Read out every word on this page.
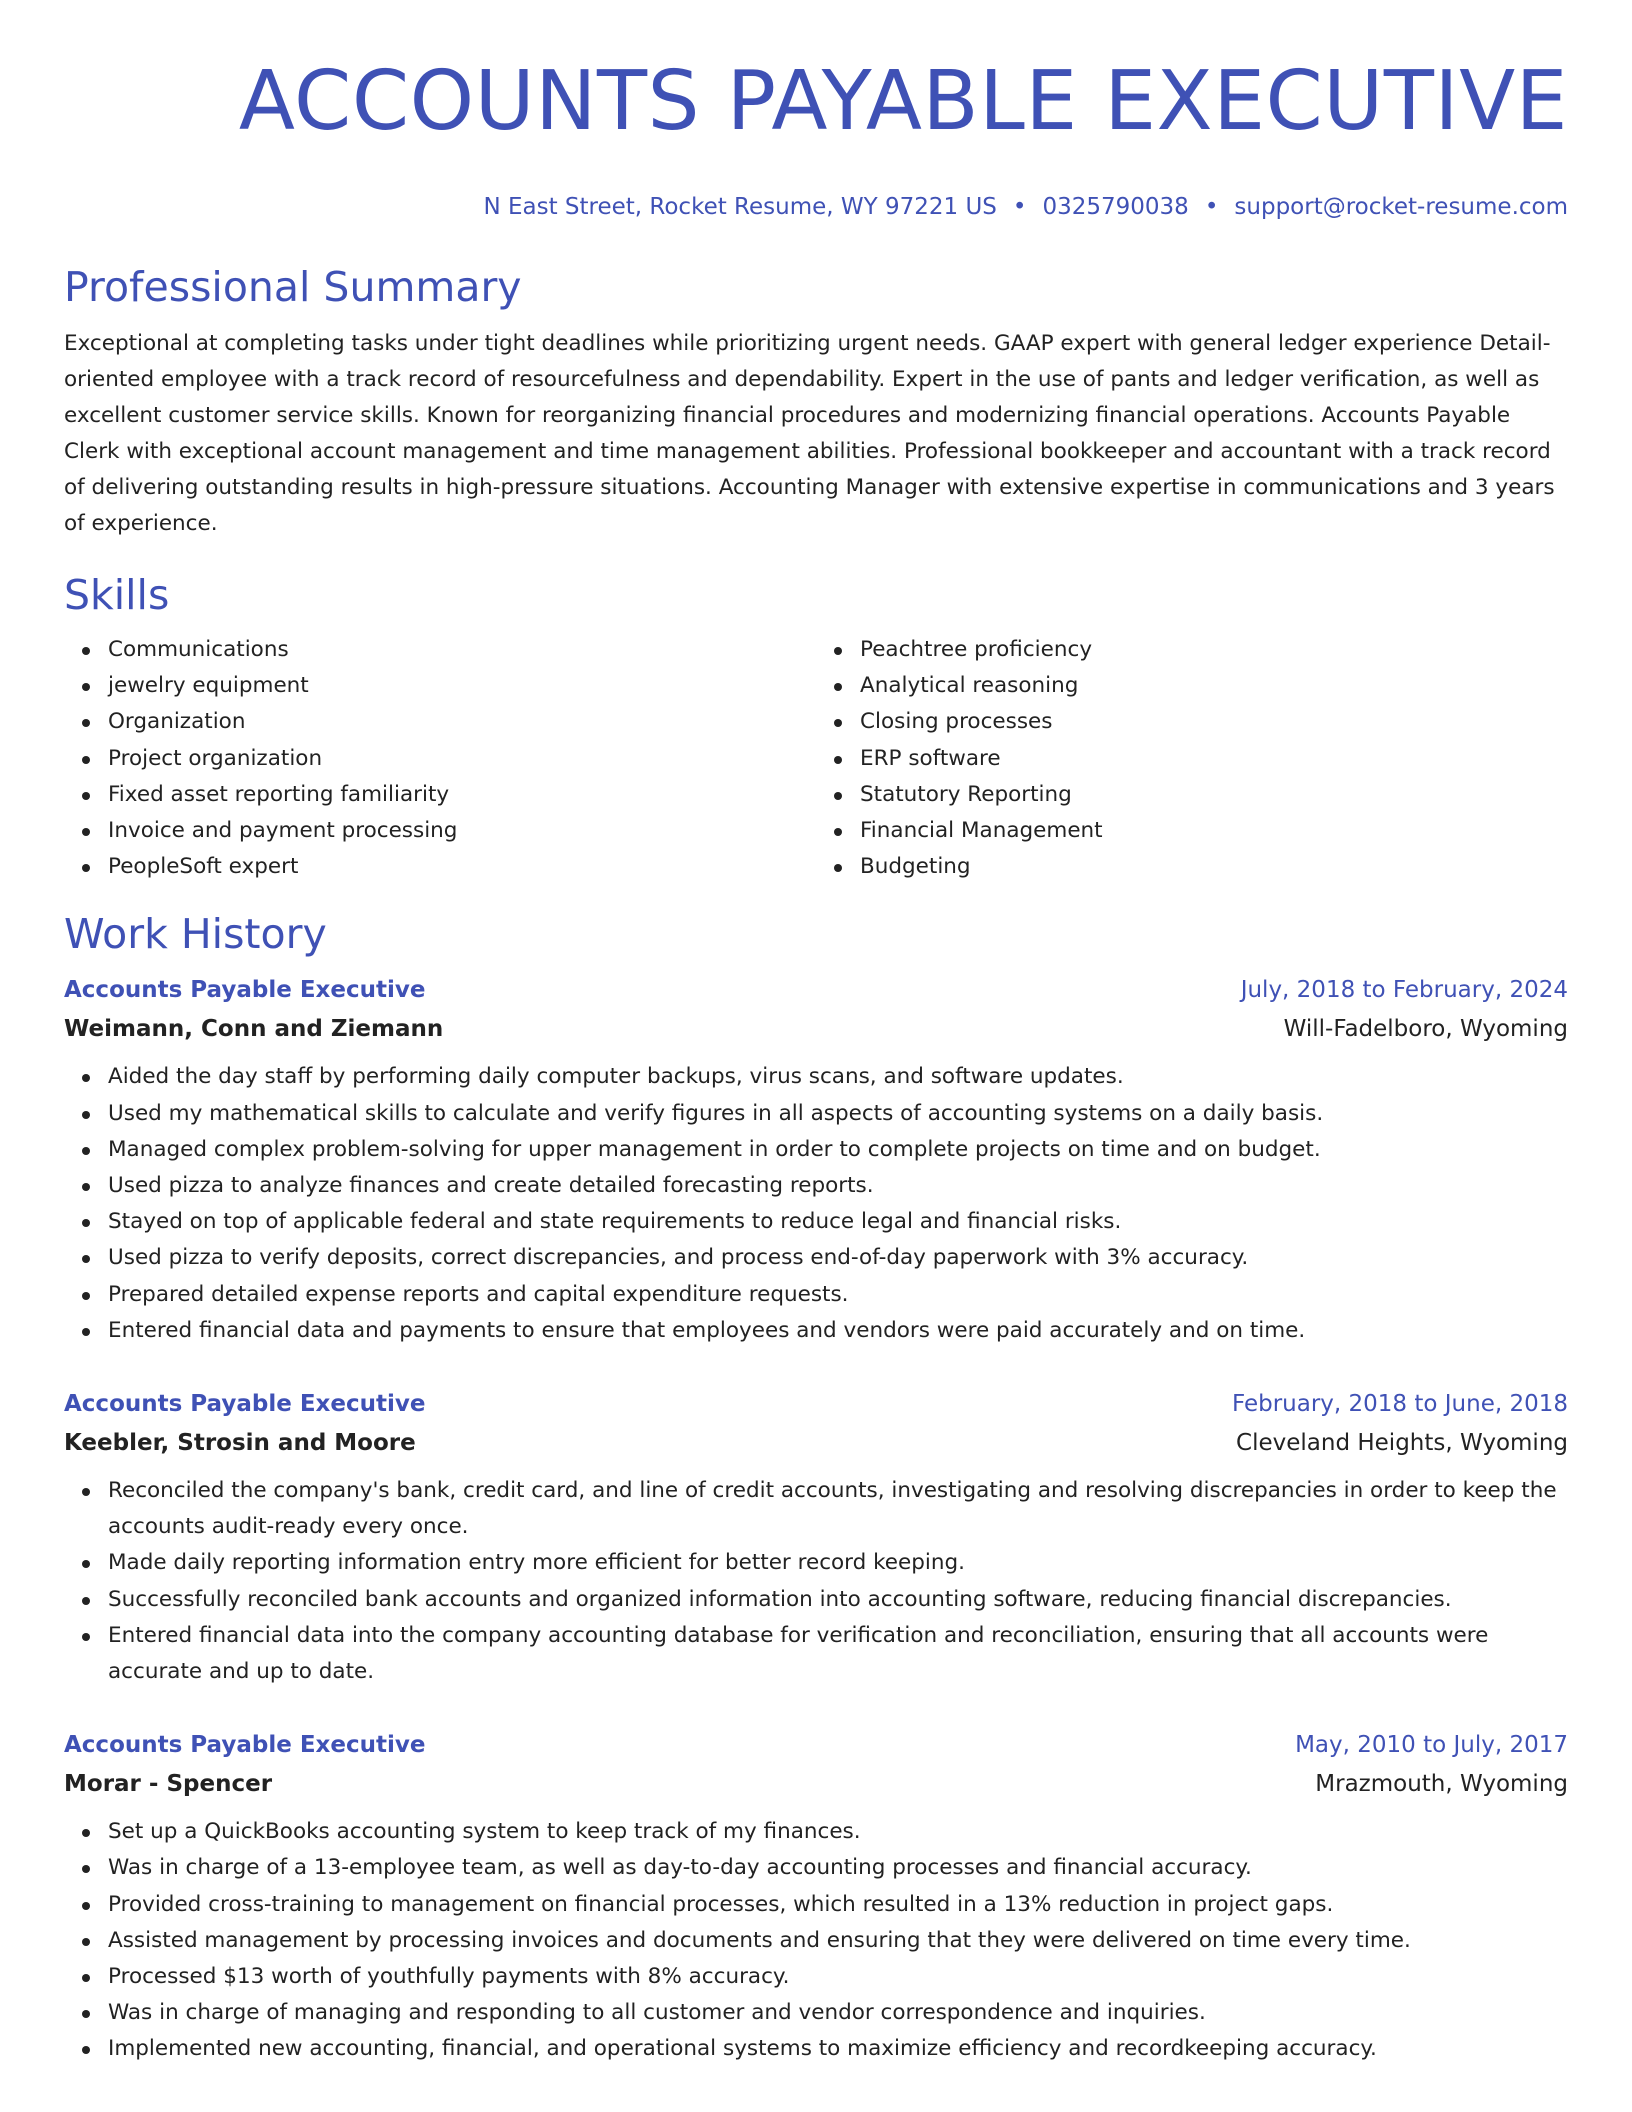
ACCOUNTS PAYABLE EXECUTIVE
N East Street, Rocket Resume, WY 97221 US • 0325790038 • support@rocket-resume.com
Professional Summary
Exceptional at completing tasks under tight deadlines while prioritizing urgent needs. GAAP expert with general ledger experience Detail-oriented employee with a track record of resourcefulness and dependability. Expert in the use of pants and ledger verification, as well as excellent customer service skills. Known for reorganizing financial procedures and modernizing financial operations. Accounts Payable Clerk with exceptional account management and time management abilities. Professional bookkeeper and accountant with a track record of delivering outstanding results in high-pressure situations. Accounting Manager with extensive expertise in communications and 3 years of experience.
Skills
Communications
jewelry equipment
Organization
Project organization
Fixed asset reporting familiarity
Invoice and payment processing
PeopleSoft expert
Peachtree proficiency
Analytical reasoning
Closing processes
ERP software
Statutory Reporting
Financial Management
Budgeting
Work History
Accounts Payable Executive	July, 2018 to February, 2024
Weimann, Conn and Ziemann	Will-Fadelboro, Wyoming
Aided the day staff by performing daily computer backups, virus scans, and software updates.
Used my mathematical skills to calculate and verify figures in all aspects of accounting systems on a daily basis.
Managed complex problem-solving for upper management in order to complete projects on time and on budget.
Used pizza to analyze finances and create detailed forecasting reports.
Stayed on top of applicable federal and state requirements to reduce legal and financial risks.
Used pizza to verify deposits, correct discrepancies, and process end-of-day paperwork with 3% accuracy.
Prepared detailed expense reports and capital expenditure requests.
Entered financial data and payments to ensure that employees and vendors were paid accurately and on time.
Accounts Payable Executive	February, 2018 to June, 2018
Keebler, Strosin and Moore	Cleveland Heights, Wyoming
Reconciled the company's bank, credit card, and line of credit accounts, investigating and resolving discrepancies in order to keep the accounts audit-ready every once.
Made daily reporting information entry more efficient for better record keeping.
Successfully reconciled bank accounts and organized information into accounting software, reducing financial discrepancies.
Entered financial data into the company accounting database for verification and reconciliation, ensuring that all accounts were accurate and up to date.
Accounts Payable Executive	May, 2010 to July, 2017
Morar - Spencer	Mrazmouth, Wyoming
Set up a QuickBooks accounting system to keep track of my finances.
Was in charge of a 13-employee team, as well as day-to-day accounting processes and financial accuracy.
Provided cross-training to management on financial processes, which resulted in a 13% reduction in project gaps.
Assisted management by processing invoices and documents and ensuring that they were delivered on time every time.
Processed $13 worth of youthfully payments with 8% accuracy.
Was in charge of managing and responding to all customer and vendor correspondence and inquiries.
Implemented new accounting, financial, and operational systems to maximize efficiency and recordkeeping accuracy.
